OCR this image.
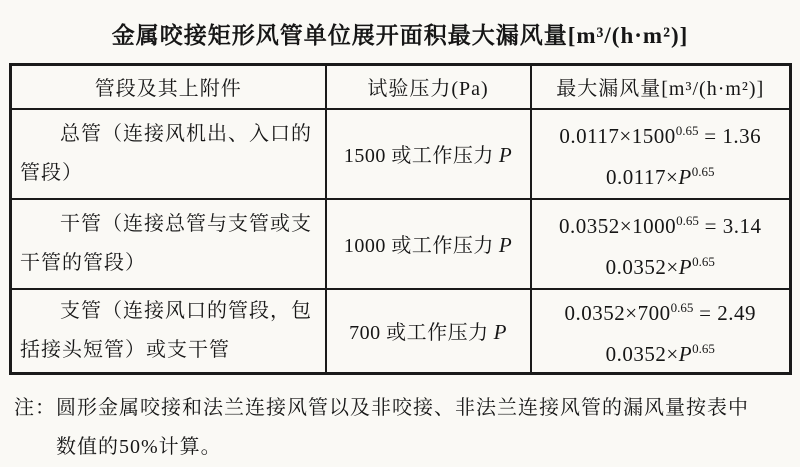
金属咬接矩形风管单位展开面积最大漏风量[m³/(h·m²)]
管段及其上附件	试验压力(Pa)	最大漏风量[m³/(h·m²)]

总管（连接风机出、入口的管段）	1500 或工作压力 P	$0.0117\times 1500^{0.65} = 1.36$
$0.0117\times P^{0.65}$

干管（连接总管与支管或支干管的管段）	1000 或工作压力 P	$0.0352\times 1000^{0.65} = 3.14$
$0.0352\times P^{0.65}$

支管（连接风口的管段，包括接头短管）或支干管	700 或工作压力 P	$0.0352\times 700^{0.65} = 2.49$
$0.0352\times P^{0.65}$
注： 圆形金属咬接和法兰连接风管以及非咬接、非法兰连接风管的漏风量按表中
数值的50%计算。
